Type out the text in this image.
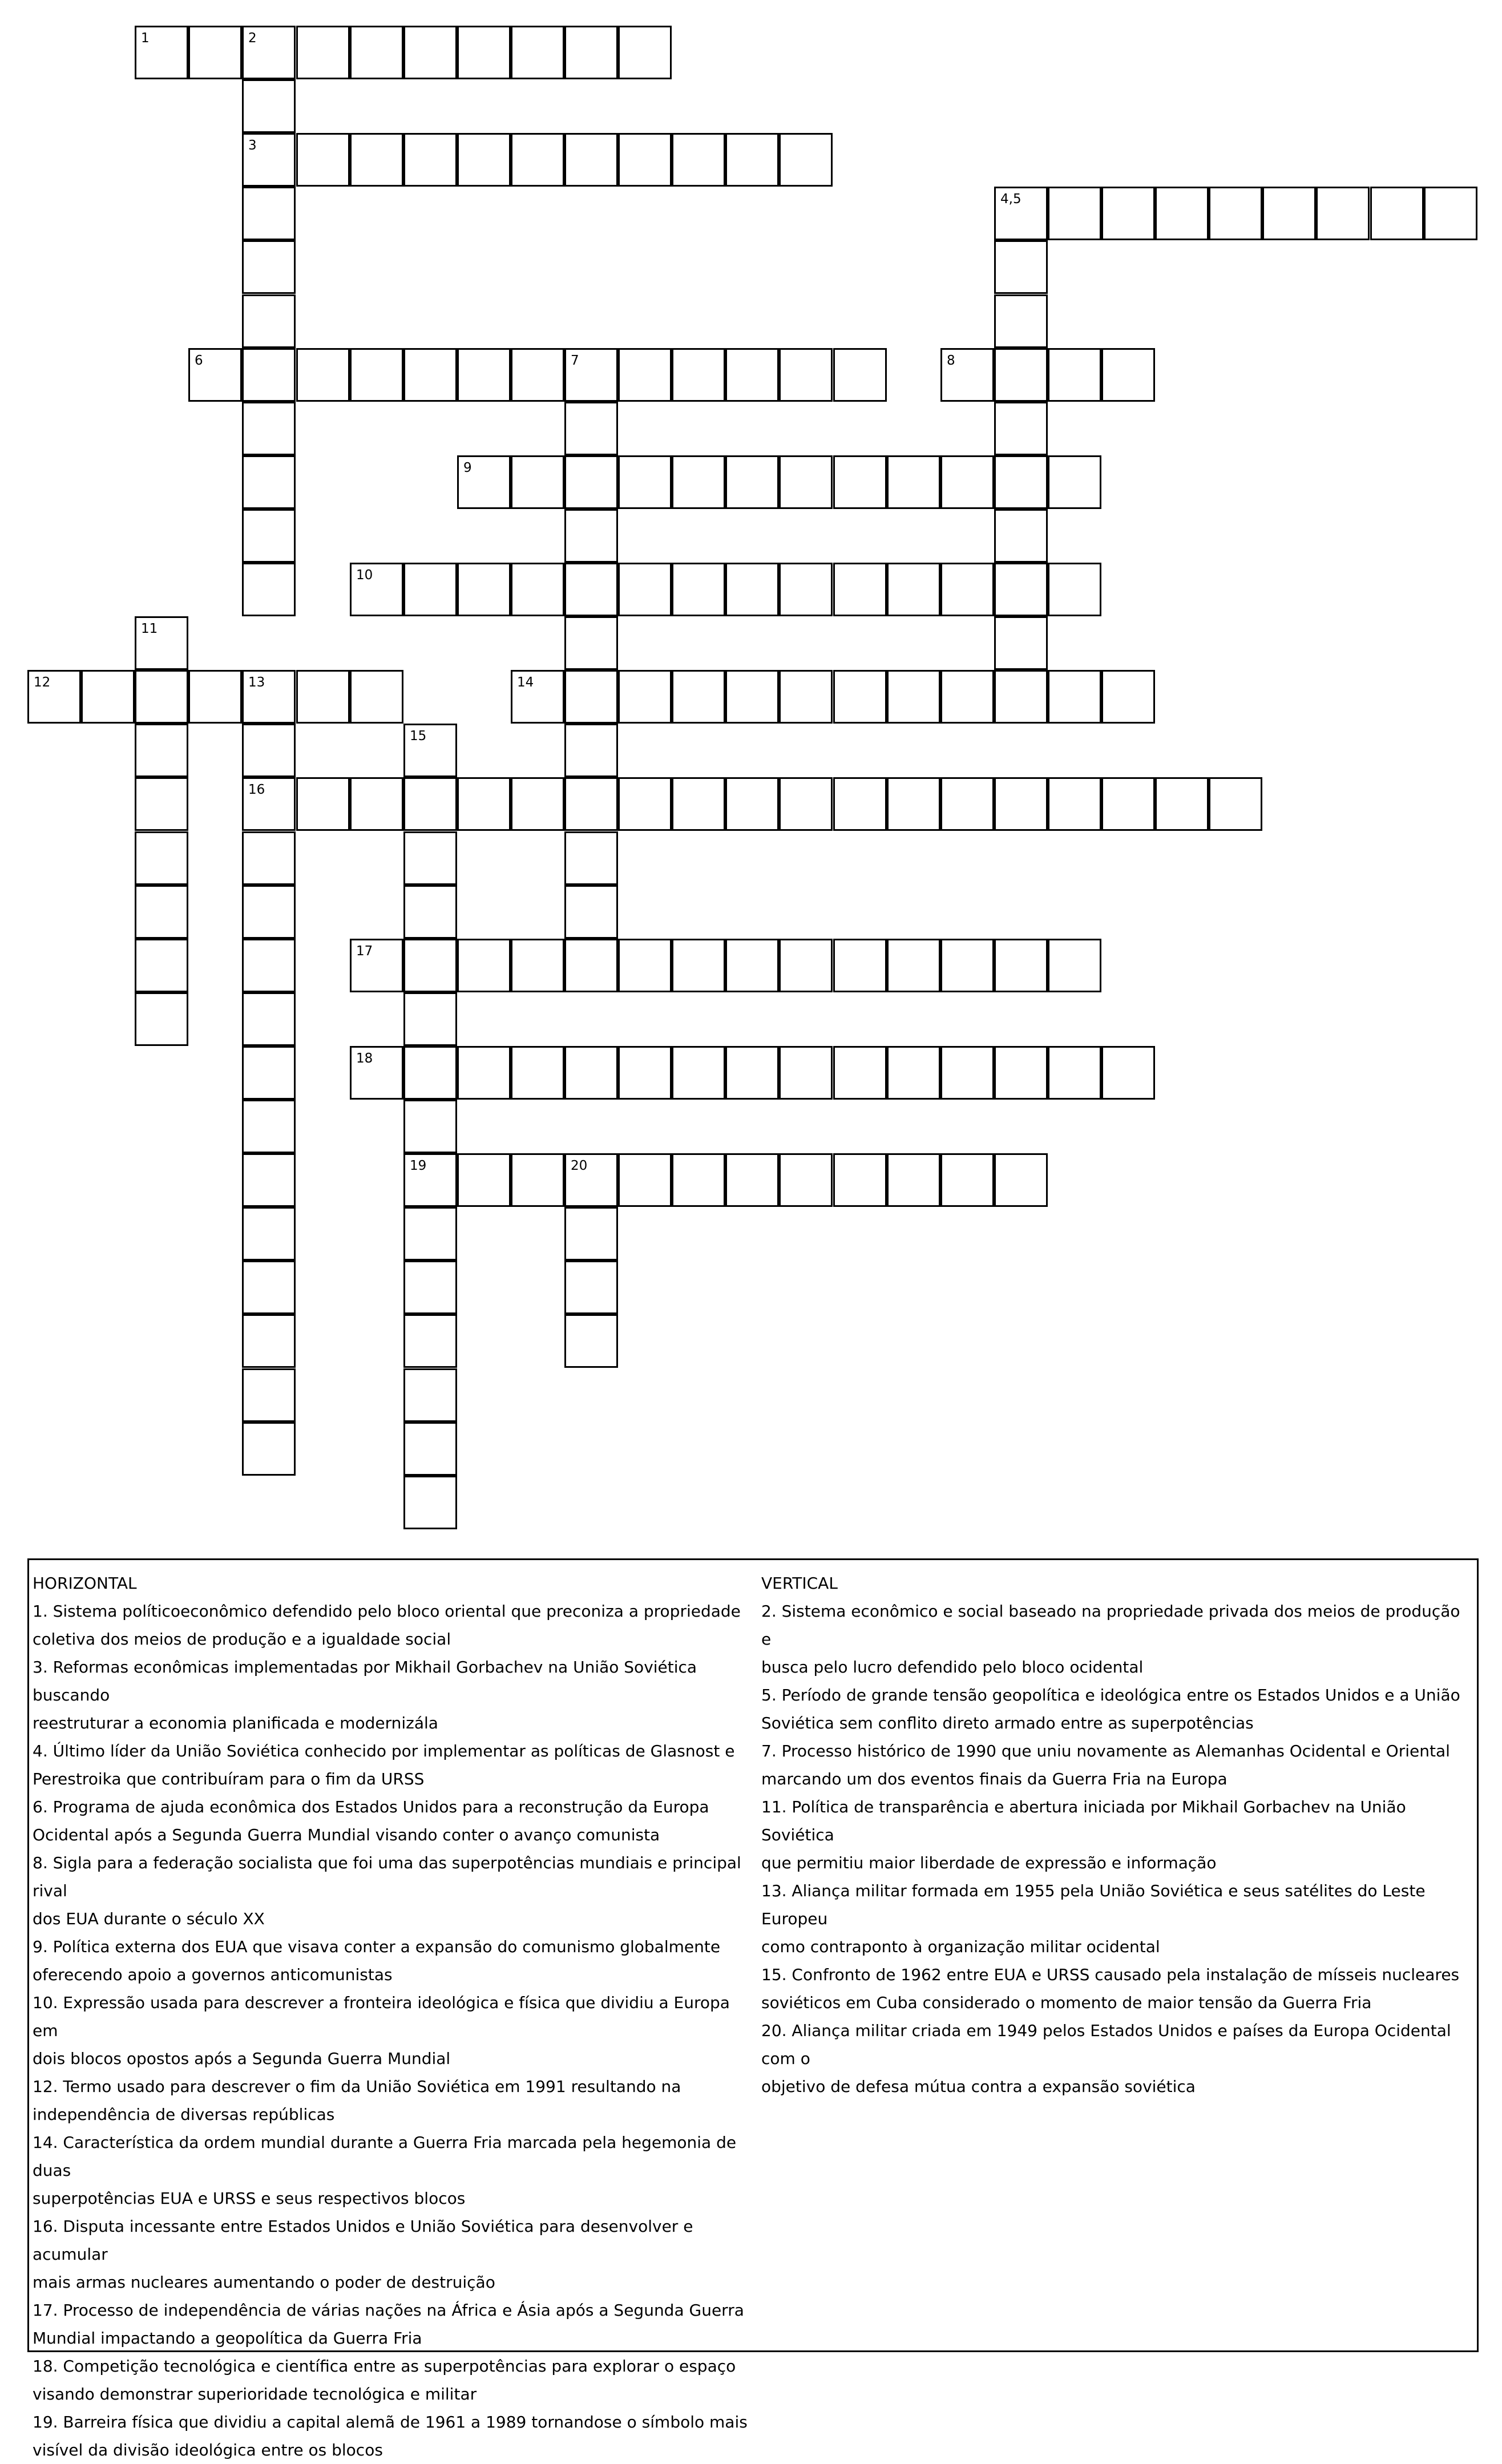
1	2
3
4,5
6	7	8
9
10
11
12	13
16
14
15
19
17
18
20
HORIZONTAL
1. Sistema políticoeconômico defendido pelo bloco oriental que preconiza a propriedade
coletiva dos meios de produção e a igualdade social
3. Reformas econômicas implementadas por Mikhail Gorbachev na União Soviética buscando
reestruturar a economia planificada e modernizála
4. Último líder da União Soviética conhecido por implementar as políticas de Glasnost e
Perestroika que contribuíram para o fim da URSS
6. Programa de ajuda econômica dos Estados Unidos para a reconstrução da Europa
Ocidental após a Segunda Guerra Mundial visando conter o avanço comunista
8. Sigla para a federação socialista que foi uma das superpotências mundiais e principal rival
dos EUA durante o século XX
9. Política externa dos EUA que visava conter a expansão do comunismo globalmente
oferecendo apoio a governos anticomunistas
10. Expressão usada para descrever a fronteira ideológica e física que dividiu a Europa em
dois blocos opostos após a Segunda Guerra Mundial
12. Termo usado para descrever o fim da União Soviética em 1991 resultando na
independência de diversas repúblicas
14. Característica da ordem mundial durante a Guerra Fria marcada pela hegemonia de duas
superpotências EUA e URSS e seus respectivos blocos
16. Disputa incessante entre Estados Unidos e União Soviética para desenvolver e acumular
mais armas nucleares aumentando o poder de destruição
17. Processo de independência de várias nações na África e Ásia após a Segunda Guerra
Mundial impactando a geopolítica da Guerra Fria
18. Competição tecnológica e científica entre as superpotências para explorar o espaço
visando demonstrar superioridade tecnológica e militar
19. Barreira física que dividiu a capital alemã de 1961 a 1989 tornandose o símbolo mais
visível da divisão ideológica entre os blocos
VERTICAL
2. Sistema econômico e social baseado na propriedade privada dos meios de produção e
busca pelo lucro defendido pelo bloco ocidental
5. Período de grande tensão geopolítica e ideológica entre os Estados Unidos e a União
Soviética sem conflito direto armado entre as superpotências
7. Processo histórico de 1990 que uniu novamente as Alemanhas Ocidental e Oriental
marcando um dos eventos finais da Guerra Fria na Europa
11. Política de transparência e abertura iniciada por Mikhail Gorbachev na União Soviética
que permitiu maior liberdade de expressão e informação
13. Aliança militar formada em 1955 pela União Soviética e seus satélites do Leste Europeu
como contraponto à organização militar ocidental
15. Confronto de 1962 entre EUA e URSS causado pela instalação de mísseis nucleares
soviéticos em Cuba considerado o momento de maior tensão da Guerra Fria
20. Aliança militar criada em 1949 pelos Estados Unidos e países da Europa Ocidental com o
objetivo de defesa mútua contra a expansão soviética
